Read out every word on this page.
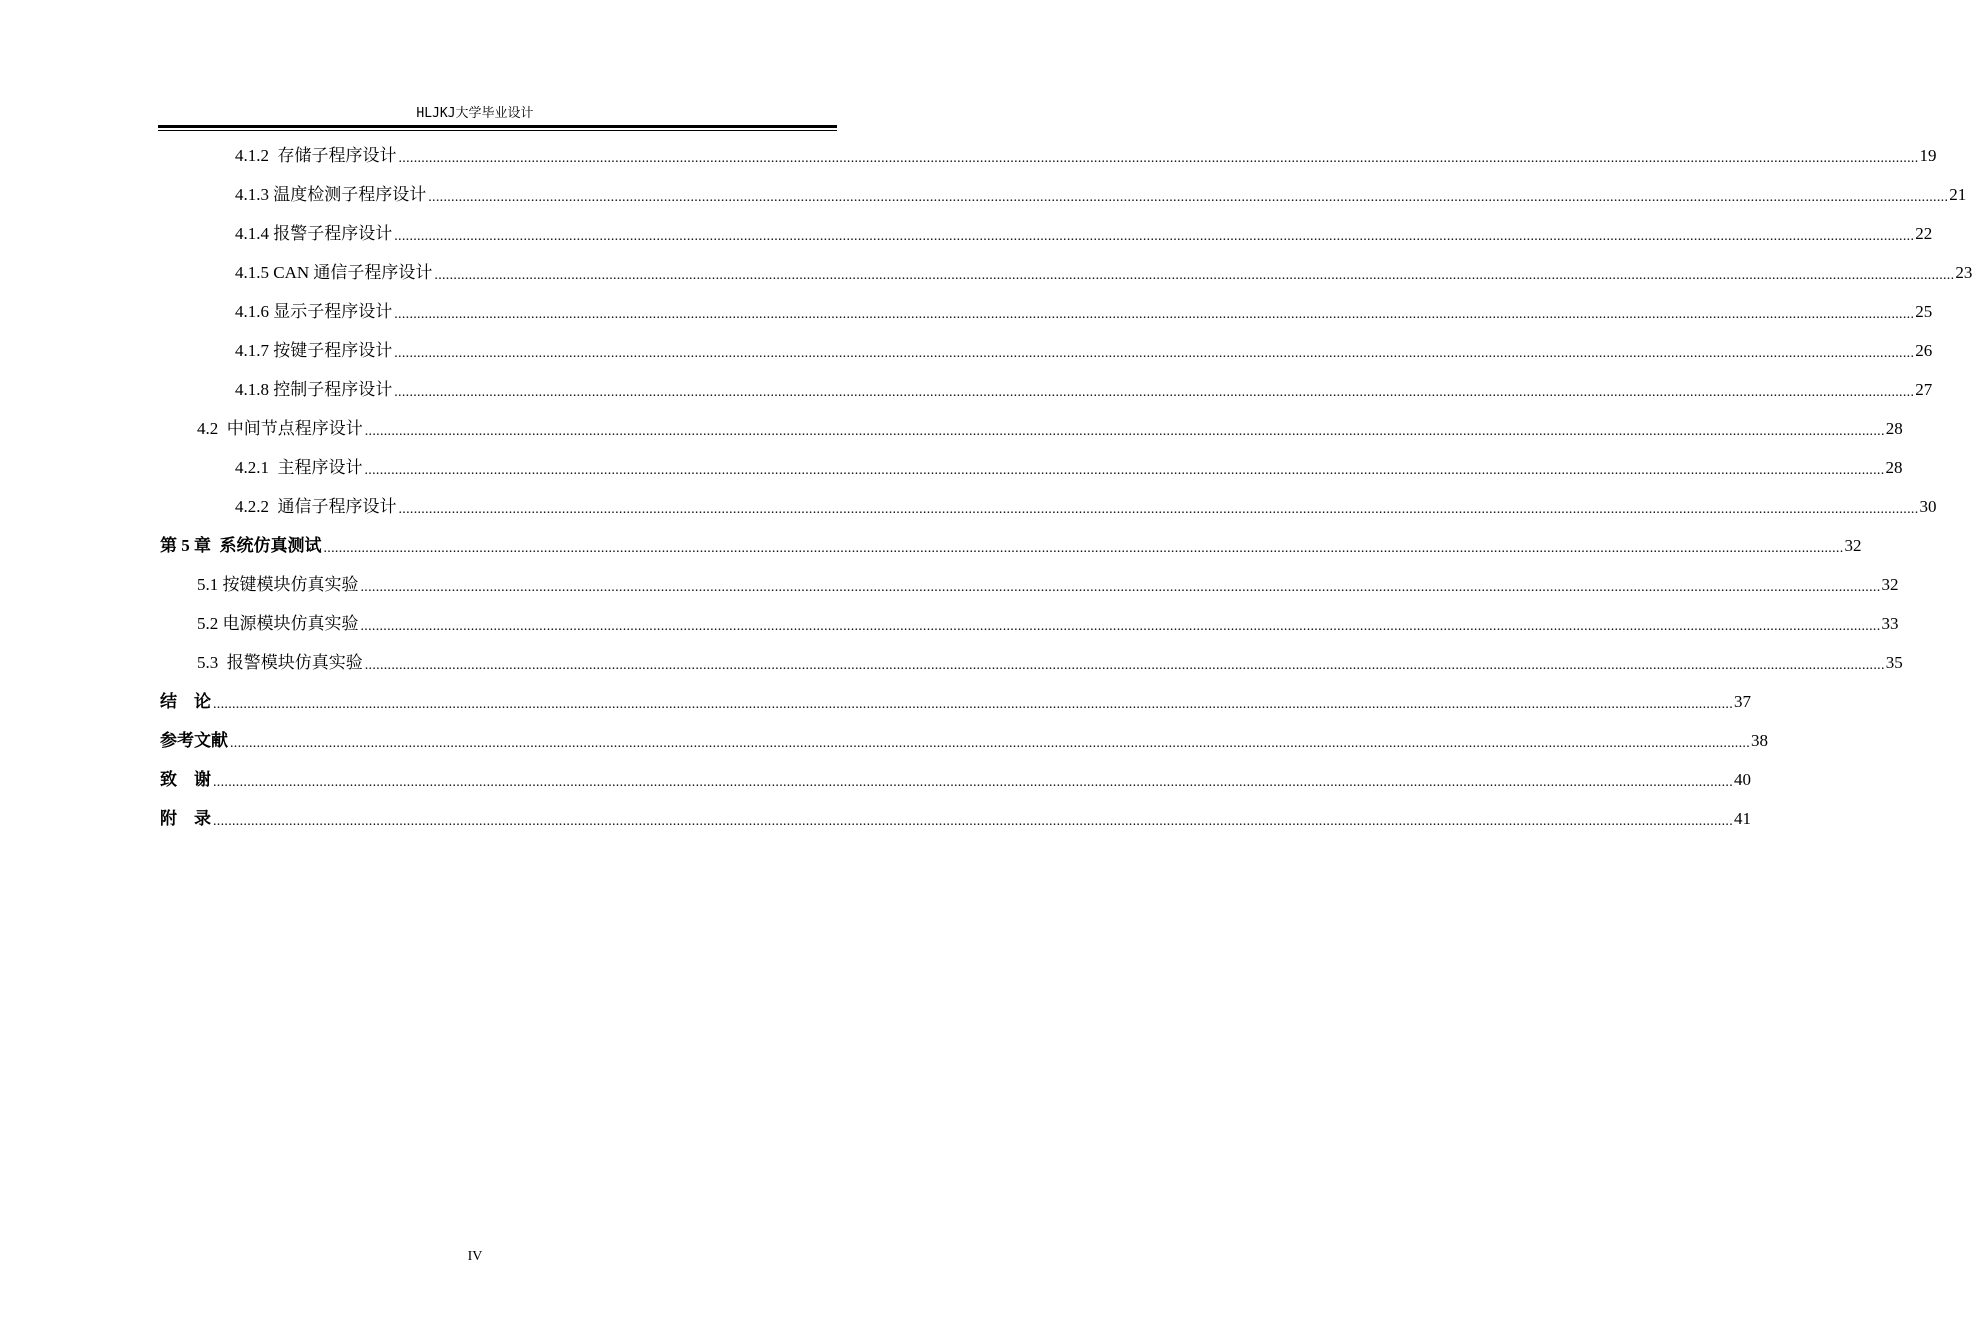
HLJKJ大学毕业设计
4.1.2  存储子程序设计 ................................................................................................................................................................................................................................................................................................................................................................................................................ 19
4.1.3 温度检测子程序设计 ................................................................................................................................................................................................................................................................................................................................................................................................................ 21
4.1.4 报警子程序设计 ................................................................................................................................................................................................................................................................................................................................................................................................................ 22
4.1.5 CAN 通信子程序设计 ................................................................................................................................................................................................................................................................................................................................................................................................................ 23
4.1.6 显示子程序设计 ................................................................................................................................................................................................................................................................................................................................................................................................................ 25
4.1.7 按键子程序设计 ................................................................................................................................................................................................................................................................................................................................................................................................................ 26
4.1.8 控制子程序设计 ................................................................................................................................................................................................................................................................................................................................................................................................................ 27
4.2  中间节点程序设计 ................................................................................................................................................................................................................................................................................................................................................................................................................ 28
4.2.1  主程序设计 ................................................................................................................................................................................................................................................................................................................................................................................................................ 28
4.2.2  通信子程序设计 ................................................................................................................................................................................................................................................................................................................................................................................................................ 30
第 5 章  系统仿真测试 ................................................................................................................................................................................................................................................................................................................................................................................................................ 32
5.1 按键模块仿真实验 ................................................................................................................................................................................................................................................................................................................................................................................................................ 32
5.2 电源模块仿真实验 ................................................................................................................................................................................................................................................................................................................................................................................................................ 33
5.3  报警模块仿真实验 ................................................................................................................................................................................................................................................................................................................................................................................................................ 35
结    论 ................................................................................................................................................................................................................................................................................................................................................................................................................ 37
参考文献 ................................................................................................................................................................................................................................................................................................................................................................................................................ 38
致    谢 ................................................................................................................................................................................................................................................................................................................................................................................................................ 40
附    录 ................................................................................................................................................................................................................................................................................................................................................................................................................ 41
IV
